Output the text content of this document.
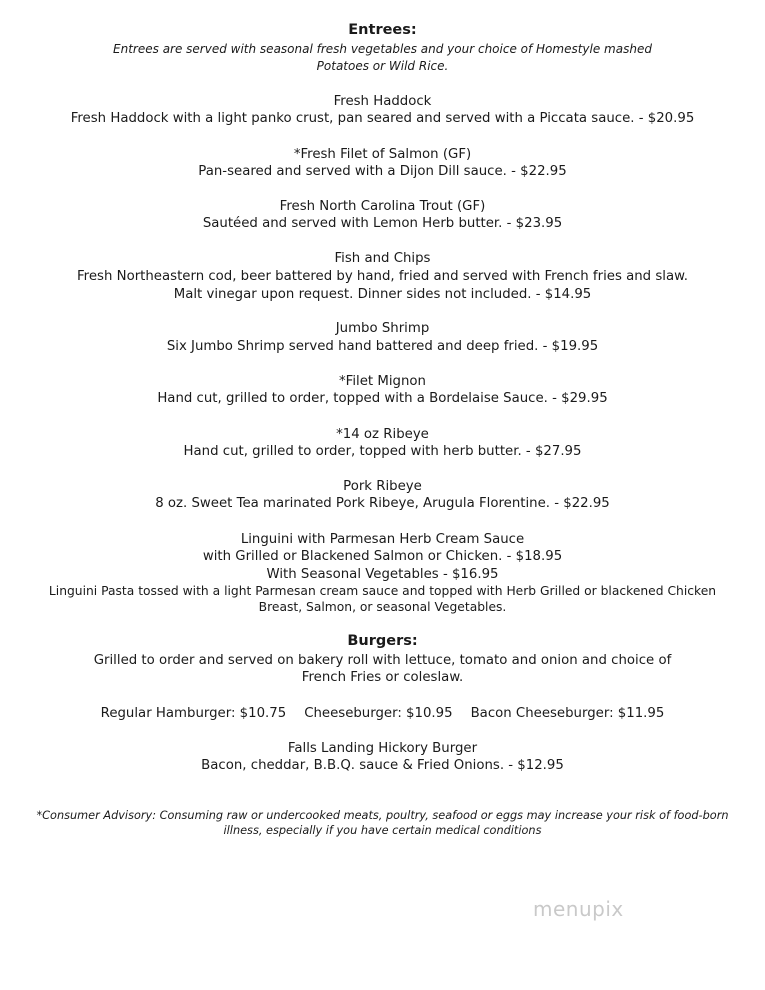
Entrees:
Entrees are served with seasonal fresh vegetables and your choice of Homestyle mashed
Potatoes or Wild Rice.
Fresh Haddock
Fresh Haddock with a light panko crust, pan seared and served with a Piccata sauce. - $20.95
*Fresh Filet of Salmon (GF)
Pan-seared and served with a Dijon Dill sauce. - $22.95
Fresh North Carolina Trout (GF)
Sautéed and served with Lemon Herb butter. - $23.95
Fish and Chips
Fresh Northeastern cod, beer battered by hand, fried and served with French fries and slaw.
Malt vinegar upon request. Dinner sides not included. - $14.95
Jumbo Shrimp
Six Jumbo Shrimp served hand battered and deep fried. - $19.95
*Filet Mignon
Hand cut, grilled to order, topped with a Bordelaise Sauce. - $29.95
*14 oz Ribeye
Hand cut, grilled to order, topped with herb butter. - $27.95
Pork Ribeye
8 oz. Sweet Tea marinated Pork Ribeye, Arugula Florentine. - $22.95
Linguini with Parmesan Herb Cream Sauce
with Grilled or Blackened Salmon or Chicken. - $18.95
With Seasonal Vegetables - $16.95
Linguini Pasta tossed with a light Parmesan cream sauce and topped with Herb Grilled or blackened Chicken
Breast, Salmon, or seasonal Vegetables.
Burgers:
Grilled to order and served on bakery roll with lettuce, tomato and onion and choice of
French Fries or coleslaw.
Regular Hamburger: $10.75 Cheeseburger: $10.95 Bacon Cheeseburger: $11.95
Falls Landing Hickory Burger
Bacon, cheddar, B.B.Q. sauce & Fried Onions. - $12.95
*Consumer Advisory: Consuming raw or undercooked meats, poultry, seafood or eggs may increase your risk of food-born
illness, especially if you have certain medical conditions
menupix
